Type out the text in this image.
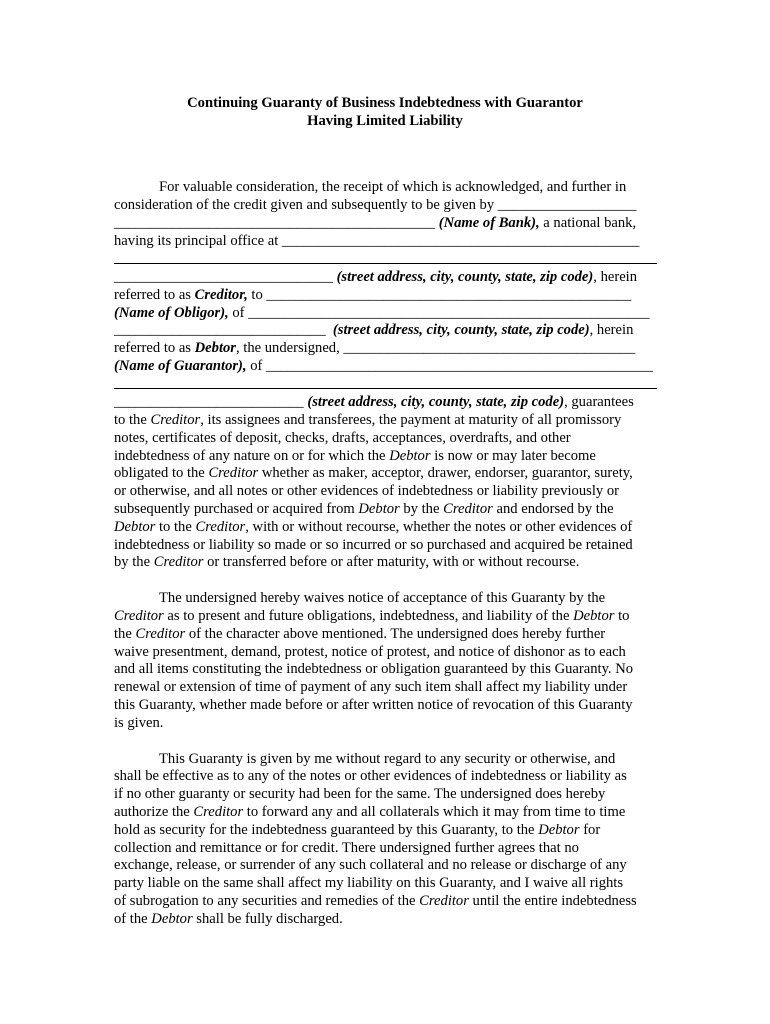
Continuing Guaranty of Business Indebtedness with Guarantor
Having Limited Liability
For valuable consideration, the receipt of which is acknowledged, and further in
consideration of the credit given and subsequently to be given by ___________________
____________________________________________ (Name of Bank), a national bank,
having its principal office at _________________________________________________
______________________________ (street address, city, county, state, zip code), herein
referred to as Creditor, to __________________________________________________
(Name of Obligor), of _______________________________________________________
_____________________________  (street address, city, county, state, zip code), herein
referred to as Debtor, the undersigned, ________________________________________
(Name of Guarantor), of _____________________________________________________
__________________________ (street address, city, county, state, zip code), guarantees
to the Creditor, its assignees and transferees, the payment at maturity of all promissory
notes, certificates of deposit, checks, drafts, acceptances, overdrafts, and other
indebtedness of any nature on or for which the Debtor is now or may later become
obligated to the Creditor whether as maker, acceptor, drawer, endorser, guarantor, surety,
or otherwise, and all notes or other evidences of indebtedness or liability previously or
subsequently purchased or acquired from Debtor by the Creditor and endorsed by the
Debtor to the Creditor, with or without recourse, whether the notes or other evidences of
indebtedness or liability so made or so incurred or so purchased and acquired be retained
by the Creditor or transferred before or after maturity, with or without recourse.
The undersigned hereby waives notice of acceptance of this Guaranty by the
Creditor as to present and future obligations, indebtedness, and liability of the Debtor to
the Creditor of the character above mentioned. The undersigned does hereby further
waive presentment, demand, protest, notice of protest, and notice of dishonor as to each
and all items constituting the indebtedness or obligation guaranteed by this Guaranty. No
renewal or extension of time of payment of any such item shall affect my liability under
this Guaranty, whether made before or after written notice of revocation of this Guaranty
is given.
This Guaranty is given by me without regard to any security or otherwise, and
shall be effective as to any of the notes or other evidences of indebtedness or liability as
if no other guaranty or security had been for the same. The undersigned does hereby
authorize the Creditor to forward any and all collaterals which it may from time to time
hold as security for the indebtedness guaranteed by this Guaranty, to the Debtor for
collection and remittance or for credit. There undersigned further agrees that no
exchange, release, or surrender of any such collateral and no release or discharge of any
party liable on the same shall affect my liability on this Guaranty, and I waive all rights
of subrogation to any securities and remedies of the Creditor until the entire indebtedness
of the Debtor shall be fully discharged.
